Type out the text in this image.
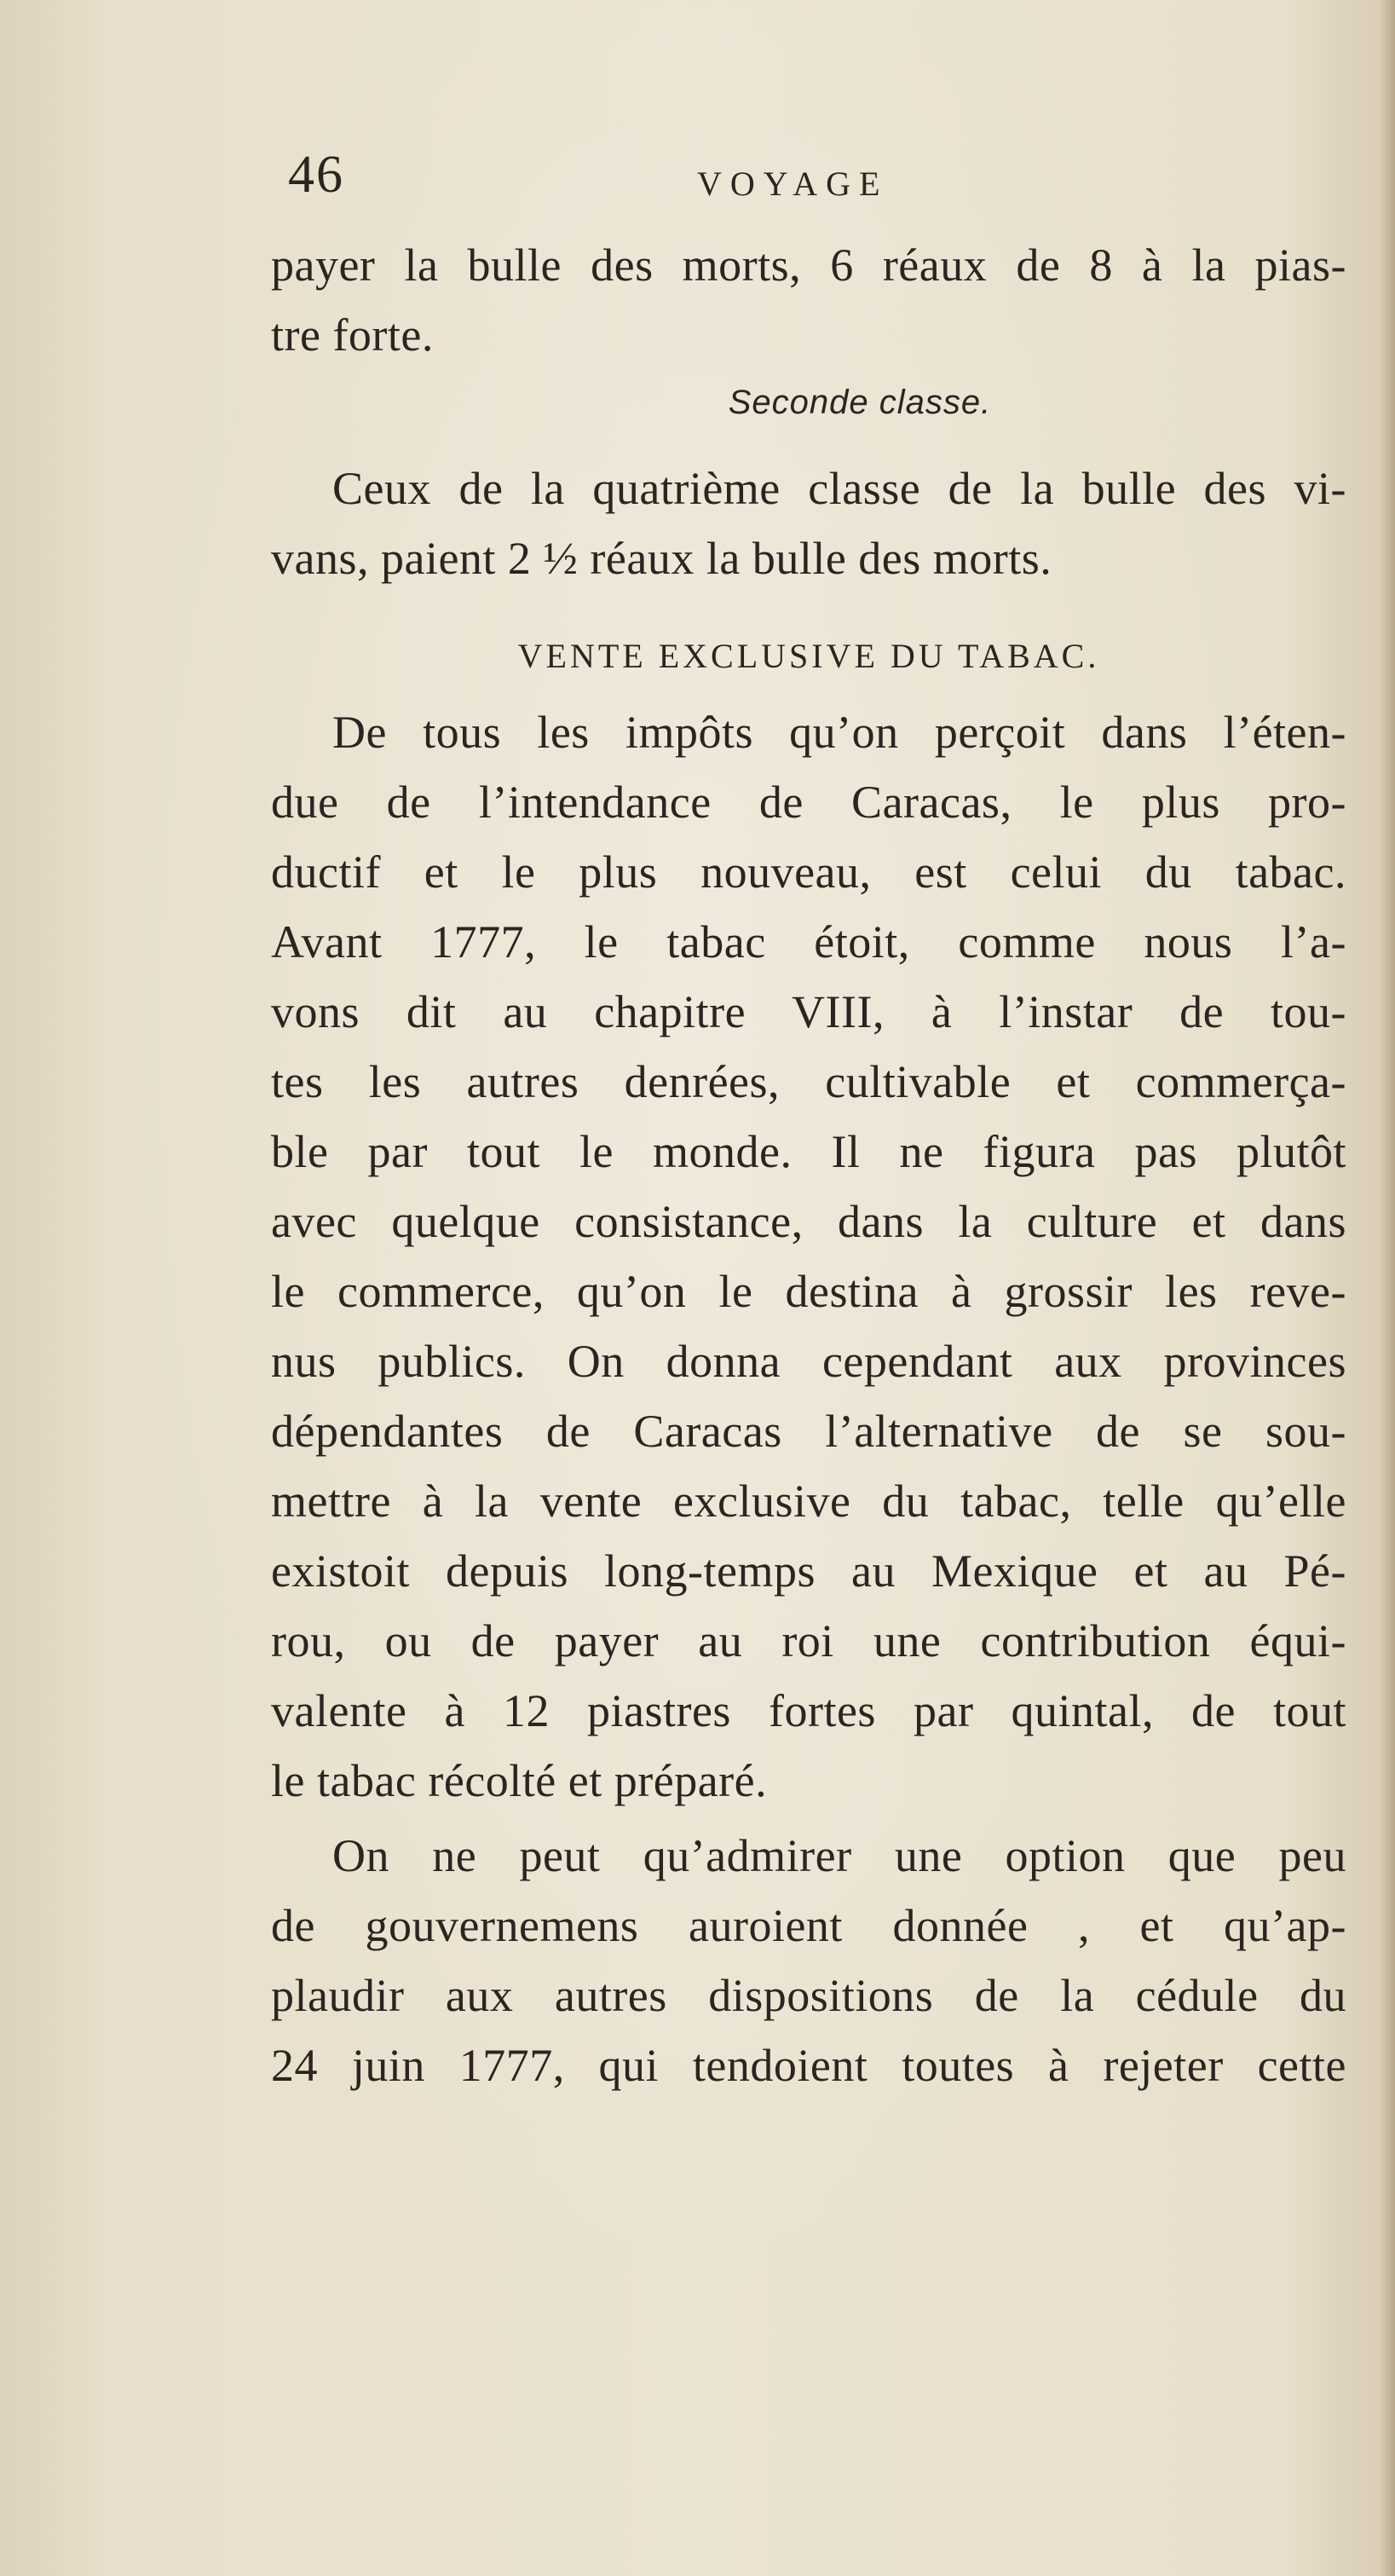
46	VOYAGE
payer la bulle des morts, 6 réaux de 8 à la pias-
tre forte.
Seconde classe.
Ceux de la quatrième classe de la bulle des vi-
vans, paient 2 ½ réaux la bulle des morts.
VENTE EXCLUSIVE DU TABAC.
De tous les impôts qu’on perçoit dans l’éten-
due de l’intendance de Caracas, le plus pro-
ductif et le plus nouveau, est celui du tabac.
Avant 1777, le tabac étoit, comme nous l’a-
vons dit au chapitre VIII, à l’instar de tou-
tes les autres denrées, cultivable et commerça-
ble par tout le monde. Il ne figura pas plutôt
avec quelque consistance, dans la culture et dans
le commerce, qu’on le destina à grossir les reve-
nus publics. On donna cependant aux provinces
dépendantes de Caracas l’alternative de se sou-
mettre à la vente exclusive du tabac, telle qu’elle
existoit depuis long-temps au Mexique et au Pé-
rou, ou de payer au roi une contribution équi-
valente à 12 piastres fortes par quintal, de tout
le tabac récolté et préparé.
On ne peut qu’admirer une option que peu
de gouvernemens auroient donnée , et qu’ap-
plaudir aux autres dispositions de la cédule du
24 juin 1777, qui tendoient toutes à rejeter cette
